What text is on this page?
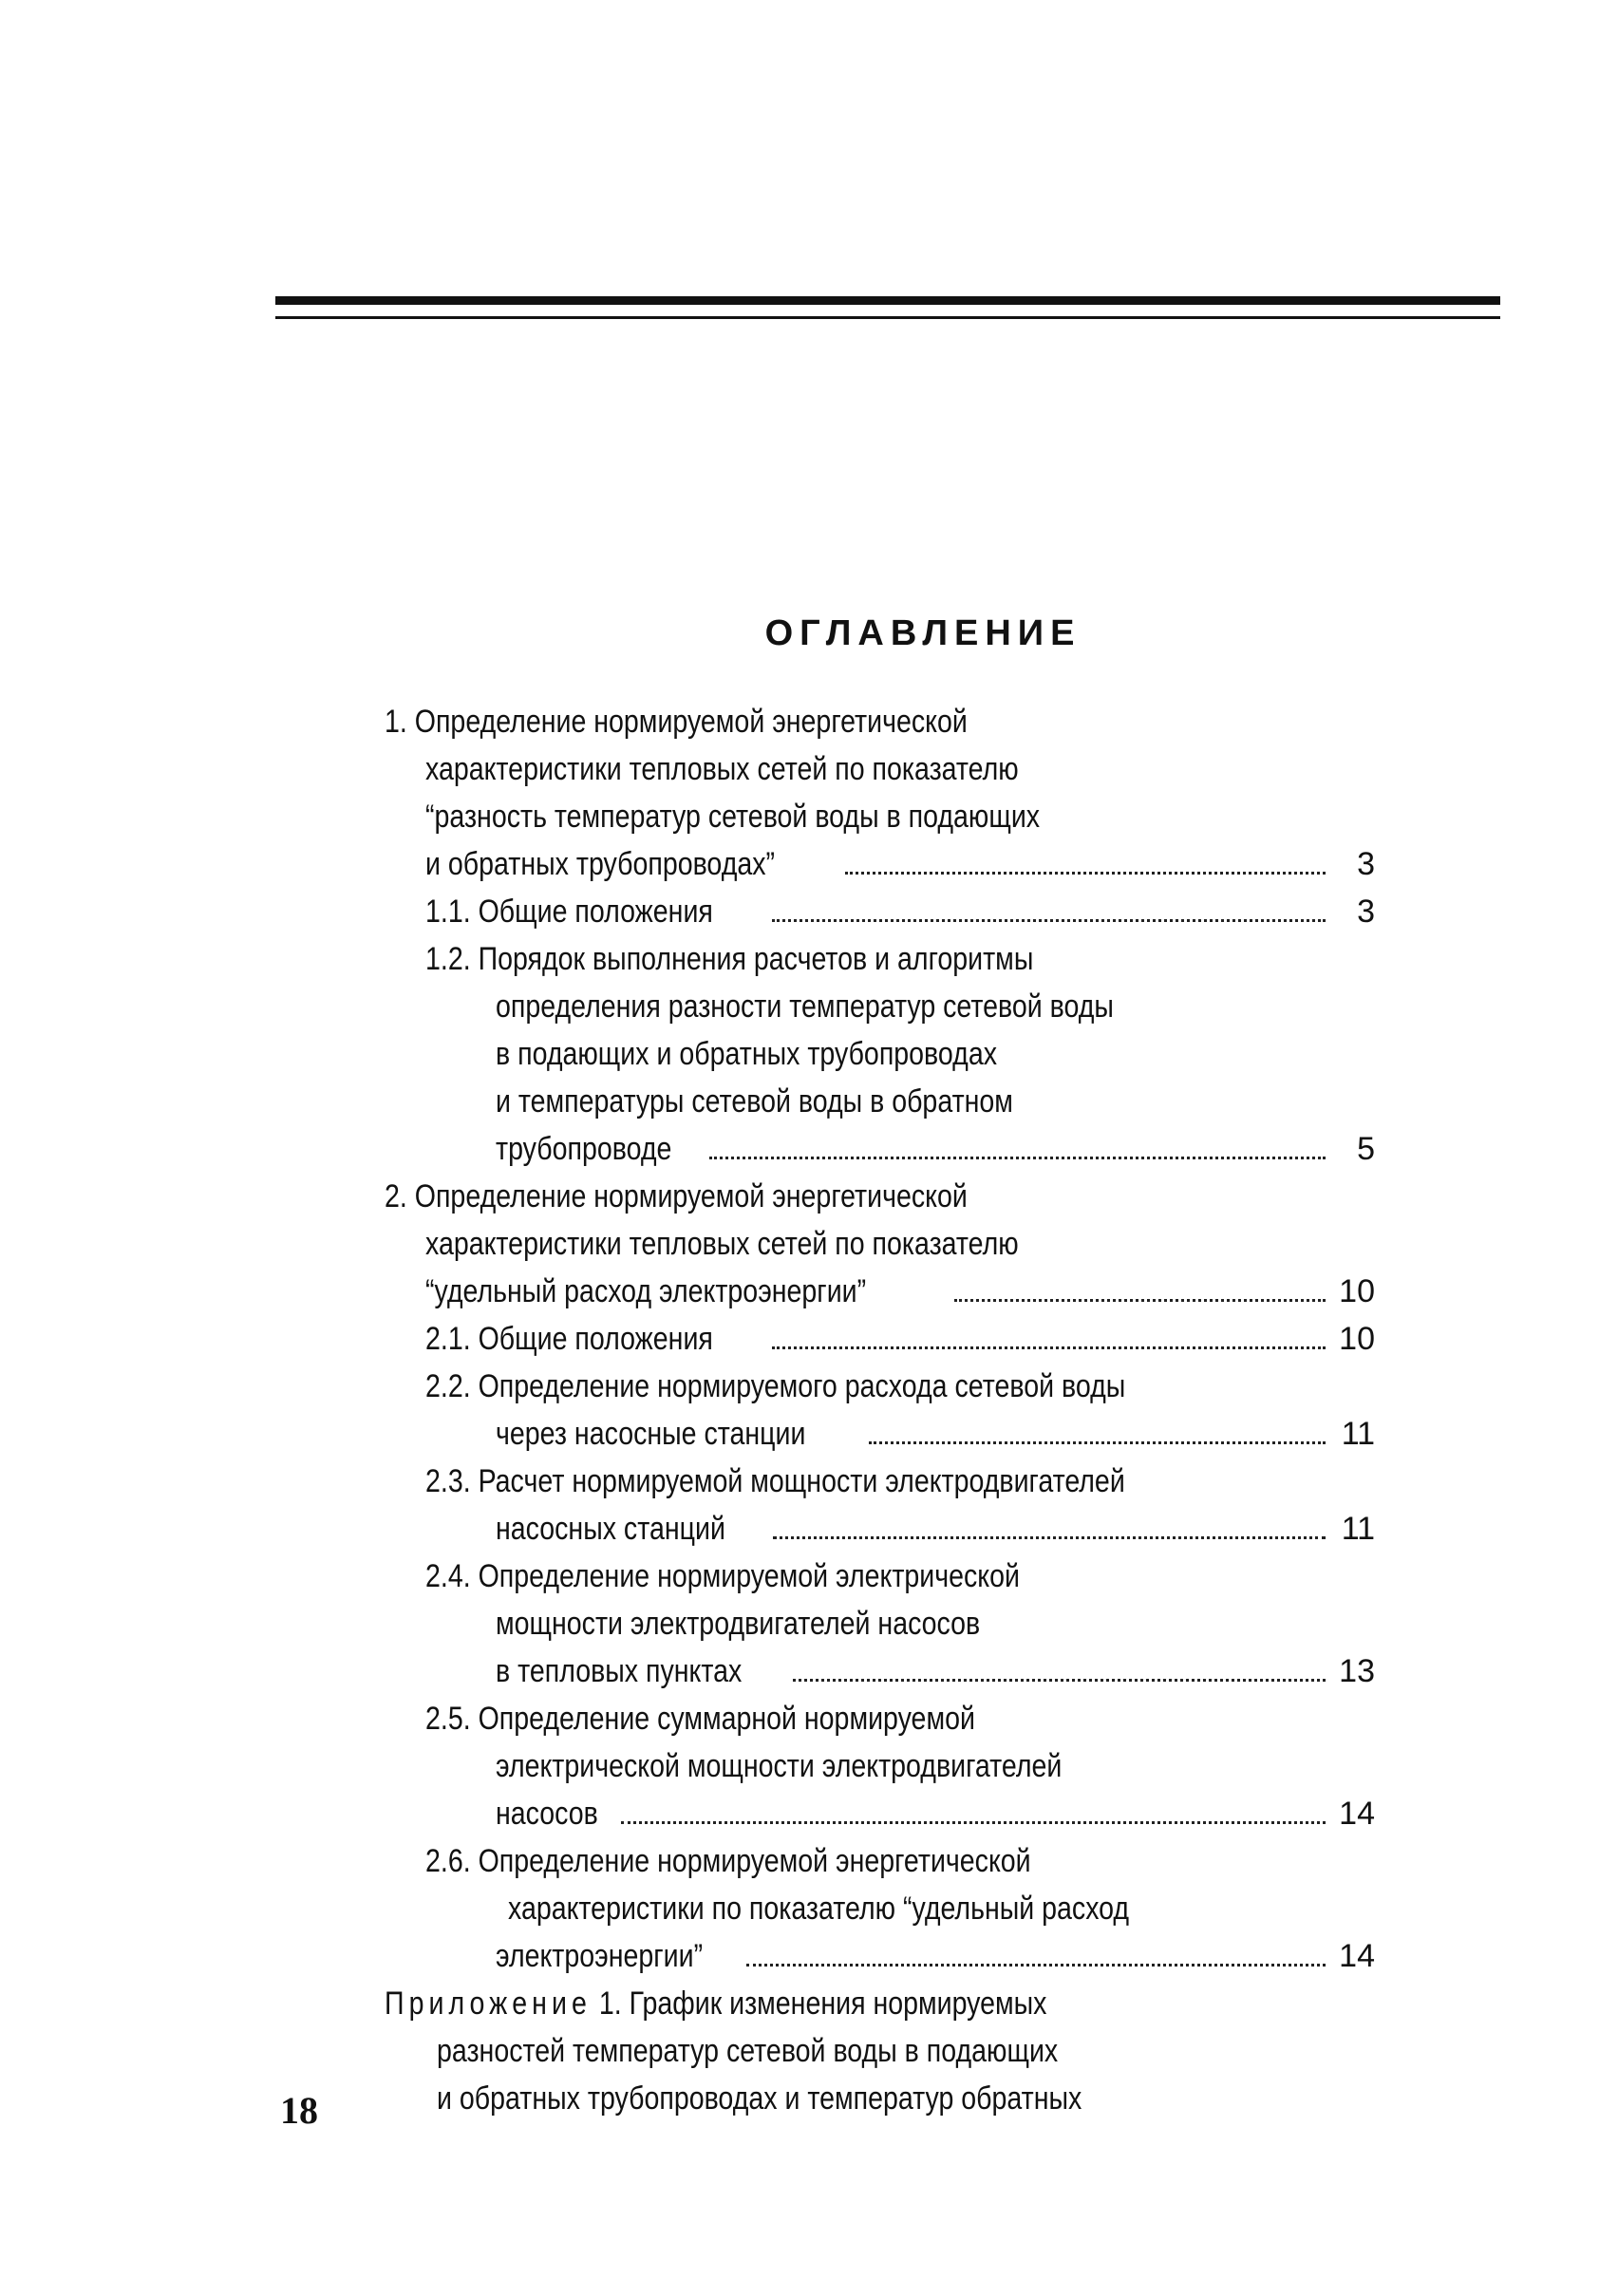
ОГЛАВЛЕНИЕ
1. Определение нормируемой энергетической
характеристики тепловых сетей по показателю
“разность температур сетевой воды в подающих
и обратных трубопроводах”	3
1.1. Общие положения	3
1.2. Порядок выполнения расчетов и алгоритмы
определения разности температур сетевой воды
в подающих и обратных трубопроводах
и температуры сетевой воды в обратном
трубопроводе	5
2. Определение нормируемой энергетической
характеристики тепловых сетей по показателю
“удельный расход электроэнергии”	10
2.1. Общие положения	10
2.2. Определение нормируемого расхода сетевой воды
через насосные станции	11
2.3. Расчет нормируемой мощности электродвигателей
насосных станций	11
2.4. Определение нормируемой электрической
мощности электродвигателей насосов
в тепловых пунктах	13
2.5. Определение суммарной нормируемой
электрической мощности электродвигателей
насосов	14
2.6. Определение нормируемой энергетической
характеристики по показателю “удельный расход
электроэнергии”	14
Приложение 1. График изменения нормируемых
разностей температур сетевой воды в подающих
и обратных трубопроводах и температур обратных
18
